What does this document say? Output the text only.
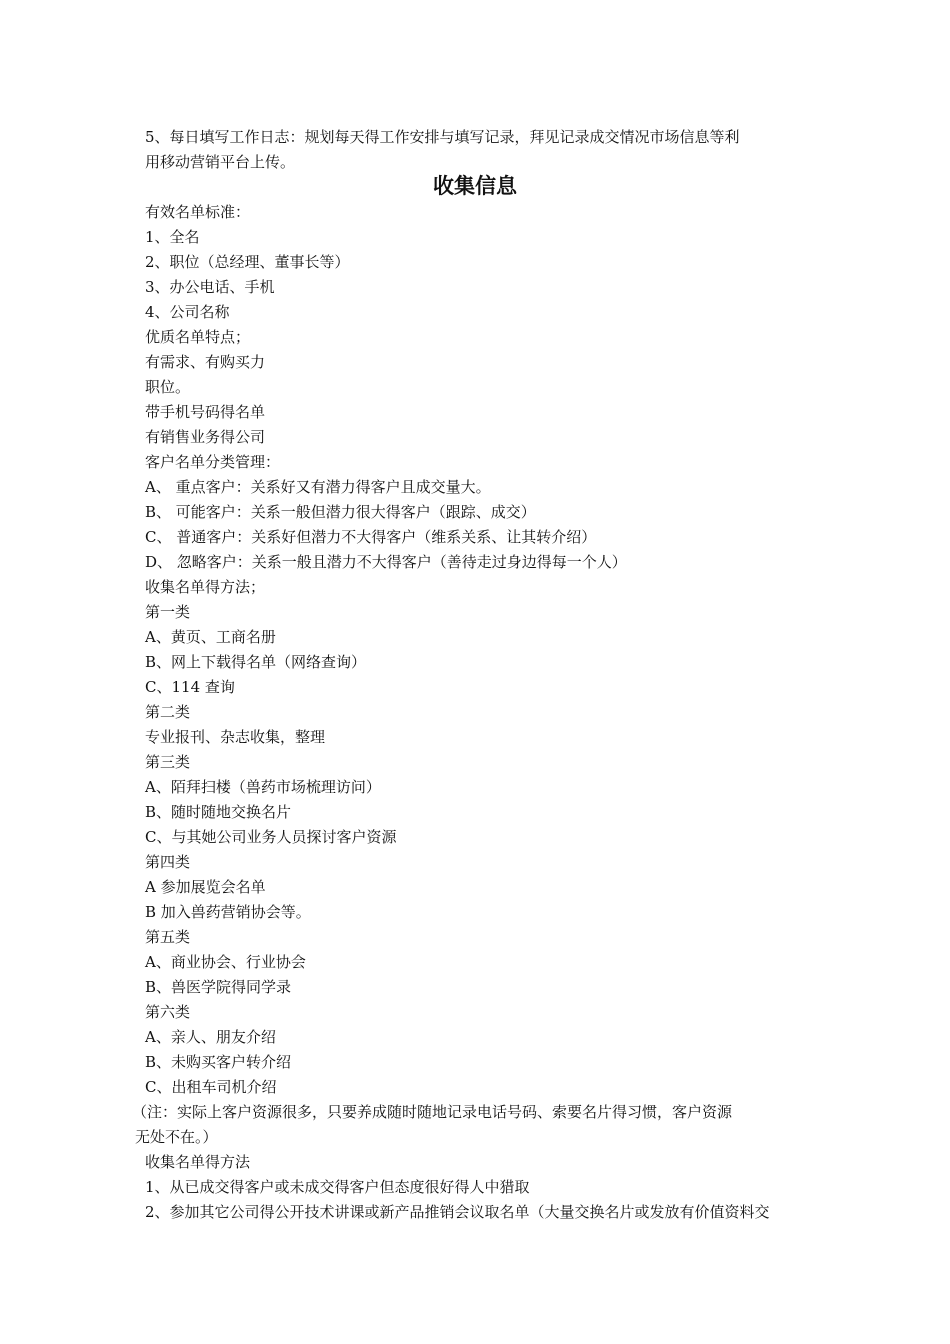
5、每日填写工作日志：规划每天得工作安排与填写记录，拜见记录成交情况市场信息等利
用移动营销平台上传。
收集信息
有效名单标准：
1、全名
2、职位（总经理、董事长等）
3、办公电话、手机
4、公司名称
优质名单特点；
有需求、有购买力
职位。
带手机号码得名单
有销售业务得公司
客户名单分类管理：
A、 重点客户：关系好又有潜力得客户且成交量大。
B、 可能客户：关系一般但潜力很大得客户（跟踪、成交）
C、 普通客户：关系好但潜力不大得客户（维系关系、让其转介绍）
D、 忽略客户：关系一般且潜力不大得客户（善待走过身边得每一个人）
收集名单得方法；
第一类
A、黄页、工商名册
B、网上下载得名单（网络查询）
C、114 查询
第二类
专业报刊、杂志收集，整理
第三类
A、陌拜扫楼（兽药市场梳理访问）
B、随时随地交换名片
C、与其她公司业务人员探讨客户资源
第四类
A 参加展览会名单
B 加入兽药营销协会等。
第五类
A、商业协会、行业协会
B、兽医学院得同学录
第六类
A、亲人、朋友介绍
B、未购买客户转介绍
C、出租车司机介绍
（注：实际上客户资源很多，只要养成随时随地记录电话号码、索要名片得习惯，客户资源
无处不在。）
收集名单得方法
1、从已成交得客户或未成交得客户但态度很好得人中猎取
2、参加其它公司得公开技术讲课或新产品推销会议取名单（大量交换名片或发放有价值资料交
